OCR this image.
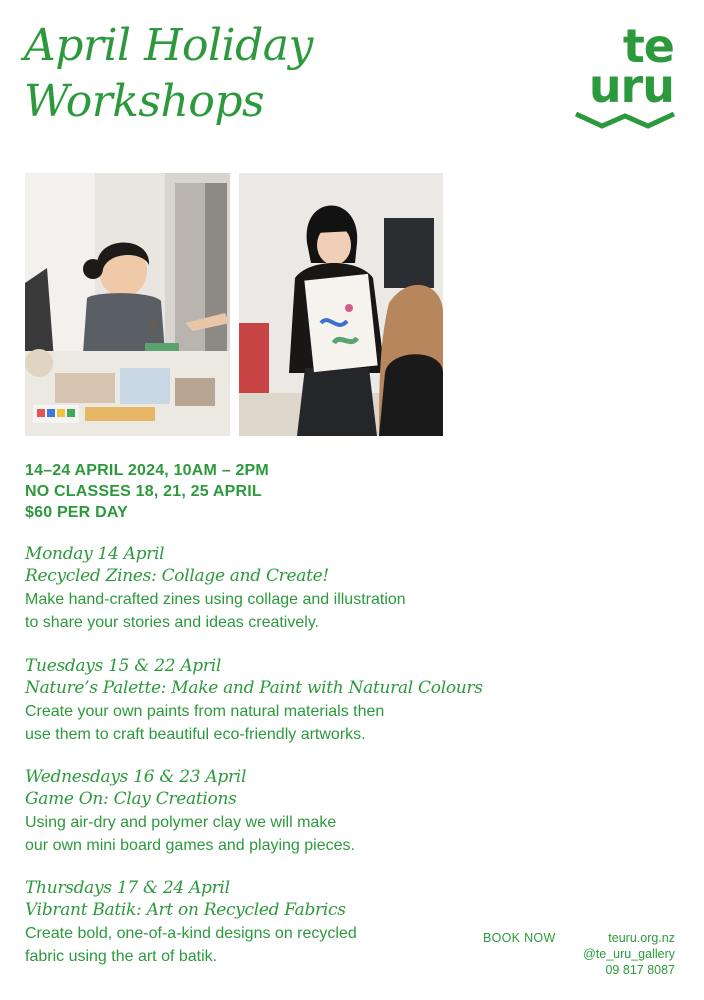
April Holiday
Workshops
te
uru
14–24 APRIL 2024, 10AM – 2PM
NO CLASSES 18, 21, 25 APRIL
$60 PER DAY
Monday 14 April
Recycled Zines: Collage and Create!
Make hand-crafted zines using collage and illustration
to share your stories and ideas creatively.
Tuesdays 15 & 22 April
Nature’s Palette: Make and Paint with Natural Colours
Create your own paints from natural materials then
use them to craft beautiful eco-friendly artworks.
Wednesdays 16 & 23 April
Game On: Clay Creations
Using air-dry and polymer clay we will make
our own mini board games and playing pieces.
Thursdays 17 & 24 April
Vibrant Batik: Art on Recycled Fabrics
Create bold, one-of-a-kind designs on recycled
fabric using the art of batik.
BOOK NOW	teuru.org.nz
@te_uru_gallery
09 817 8087
